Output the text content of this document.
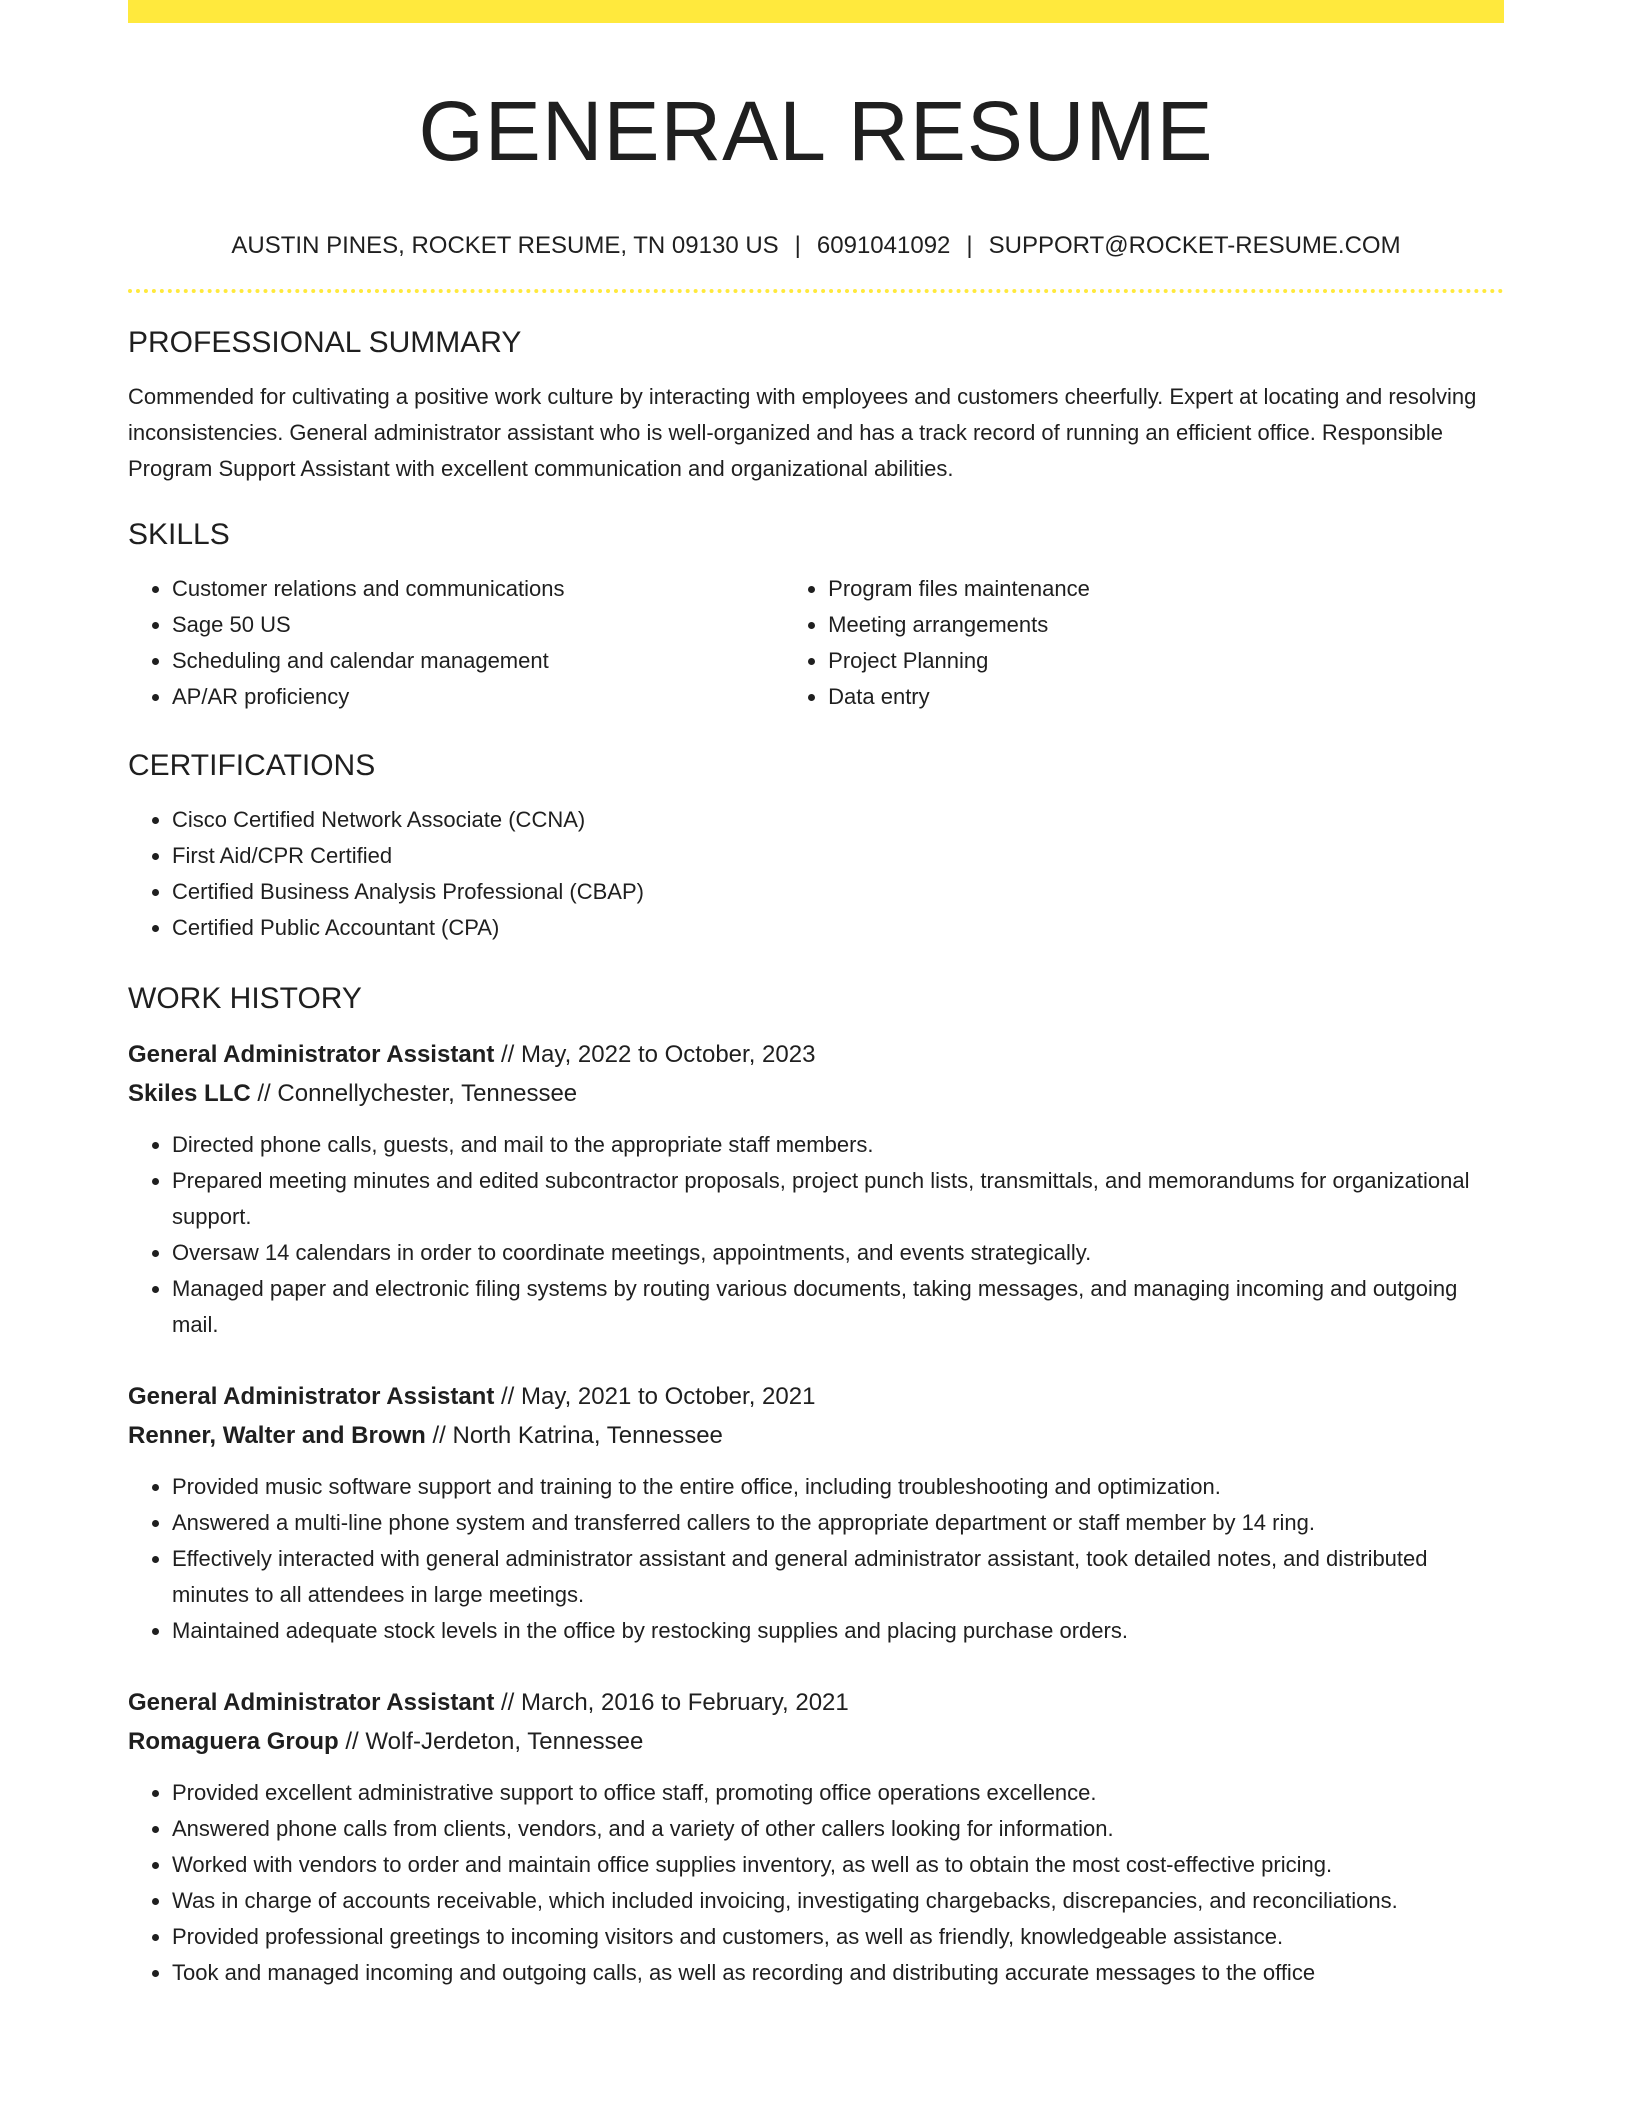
GENERAL RESUME
AUSTIN PINES, ROCKET RESUME, TN 09130 US | 6091041092 | SUPPORT@ROCKET-RESUME.COM
PROFESSIONAL SUMMARY

Commended for cultivating a positive work culture by interacting with employees and customers cheerfully. Expert at locating and resolving inconsistencies. General administrator assistant who is well-organized and has a track record of running an efficient office. Responsible Program Support Assistant with excellent communication and organizational abilities.

SKILLS
• Customer relations and communications
• Sage 50 US
• Scheduling and calendar management
• AP/AR proficiency
• Program files maintenance
• Meeting arrangements
• Project Planning
• Data entry
CERTIFICATIONS
• Cisco Certified Network Associate (CCNA)
• First Aid/CPR Certified
• Certified Business Analysis Professional (CBAP)
• Certified Public Accountant (CPA)
WORK HISTORY
General Administrator Assistant // May, 2022 to October, 2023
Skiles LLC // Connellychester, Tennessee
• Directed phone calls, guests, and mail to the appropriate staff members.
• Prepared meeting minutes and edited subcontractor proposals, project punch lists, transmittals, and memorandums for organizational support.
• Oversaw 14 calendars in order to coordinate meetings, appointments, and events strategically.
• Managed paper and electronic filing systems by routing various documents, taking messages, and managing incoming and outgoing mail.
General Administrator Assistant // May, 2021 to October, 2021
Renner, Walter and Brown // North Katrina, Tennessee
• Provided music software support and training to the entire office, including troubleshooting and optimization.
• Answered a multi-line phone system and transferred callers to the appropriate department or staff member by 14 ring.
• Effectively interacted with general administrator assistant and general administrator assistant, took detailed notes, and distributed minutes to all attendees in large meetings.
• Maintained adequate stock levels in the office by restocking supplies and placing purchase orders.
General Administrator Assistant // March, 2016 to February, 2021
Romaguera Group // Wolf-Jerdeton, Tennessee
• Provided excellent administrative support to office staff, promoting office operations excellence.
• Answered phone calls from clients, vendors, and a variety of other callers looking for information.
• Worked with vendors to order and maintain office supplies inventory, as well as to obtain the most cost-effective pricing.
• Was in charge of accounts receivable, which included invoicing, investigating chargebacks, discrepancies, and reconciliations.
• Provided professional greetings to incoming visitors and customers, as well as friendly, knowledgeable assistance.
• Took and managed incoming and outgoing calls, as well as recording and distributing accurate messages to the office
